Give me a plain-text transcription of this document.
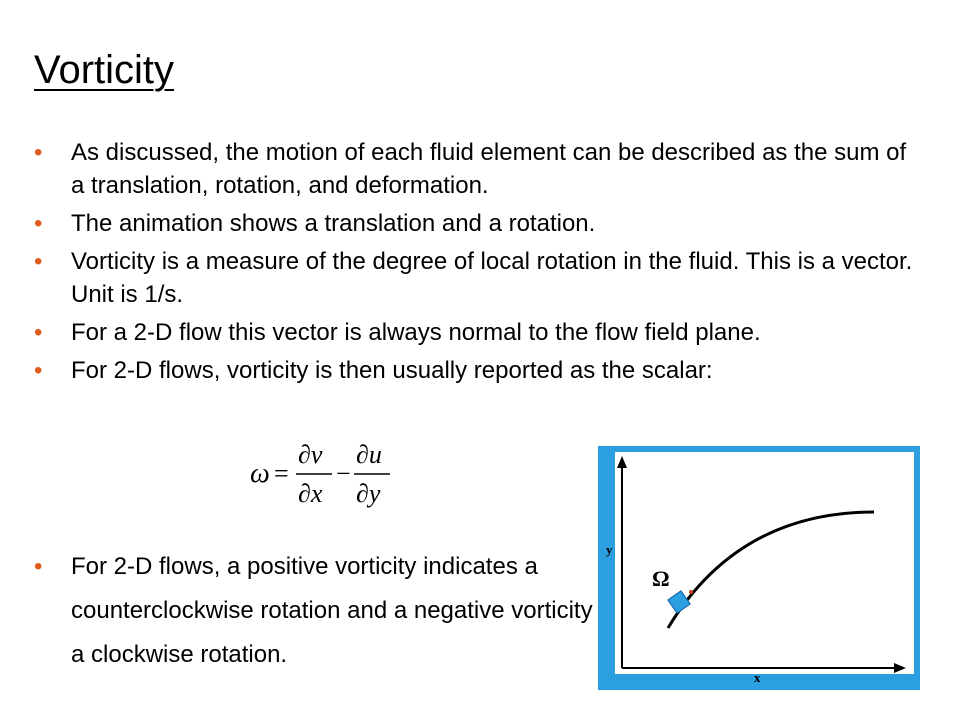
Vorticity
• As discussed, the motion of each fluid element can be described as the sum of a translation, rotation, and deformation.
• The animation shows a translation and a rotation.
• Vorticity is a measure of the degree of local rotation in the fluid. This is a vector. Unit is 1/s.
• For a 2-D flow this vector is always normal to the flow field plane.
• For 2-D flows, vorticity is then usually reported as the scalar:
ω =
∂v
∂x
−
∂u
∂y
• For 2-D flows, a positive vorticity indicates a counterclockwise rotation and a negative vorticity a clockwise rotation.
y
x
Ω
